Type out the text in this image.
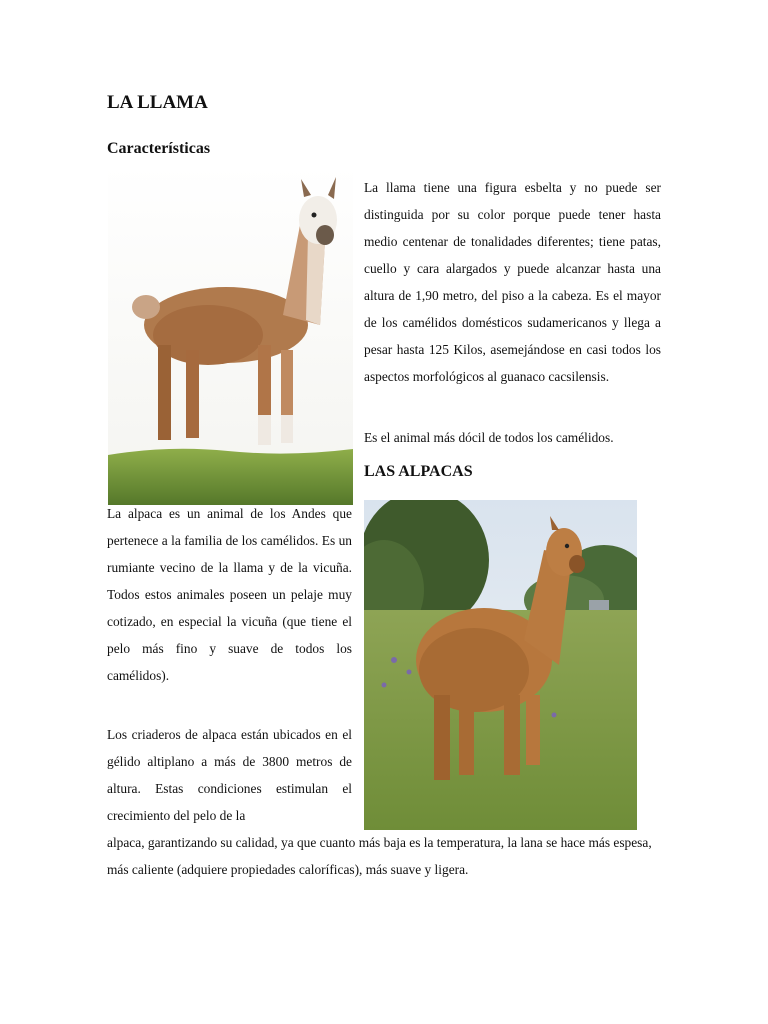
LA LLAMA
Características

La llama tiene una figura esbelta y no puede ser distinguida por su color porque puede tener hasta medio centenar de tonalidades diferentes; tiene patas, cuello y cara alargados y puede alcanzar hasta una altura de 1,90 metro, del piso a la cabeza. Es el mayor de los camélidos domésticos sudamericanos y llega a pesar hasta 125 Kilos, asemejándose en casi todos los aspectos morfológicos al guanaco cacsilensis.

Es el animal más dócil de todos los camélidos.

LAS ALPACAS

La alpaca es un animal de los Andes que pertenece a la familia de los camélidos. Es un rumiante vecino de la llama y de la vicuña. Todos estos animales poseen un pelaje muy cotizado, en especial la vicuña (que tiene el pelo más fino y suave de todos los camélidos).

Los criaderos de alpaca están ubicados en el gélido altiplano a más de 3800 metros de altura. Estas condiciones estimulan el crecimiento del pelo de la

alpaca, garantizando su calidad, ya que cuanto más baja es la temperatura, la lana se hace más espesa, más caliente (adquiere propiedades caloríficas), más suave y ligera.
